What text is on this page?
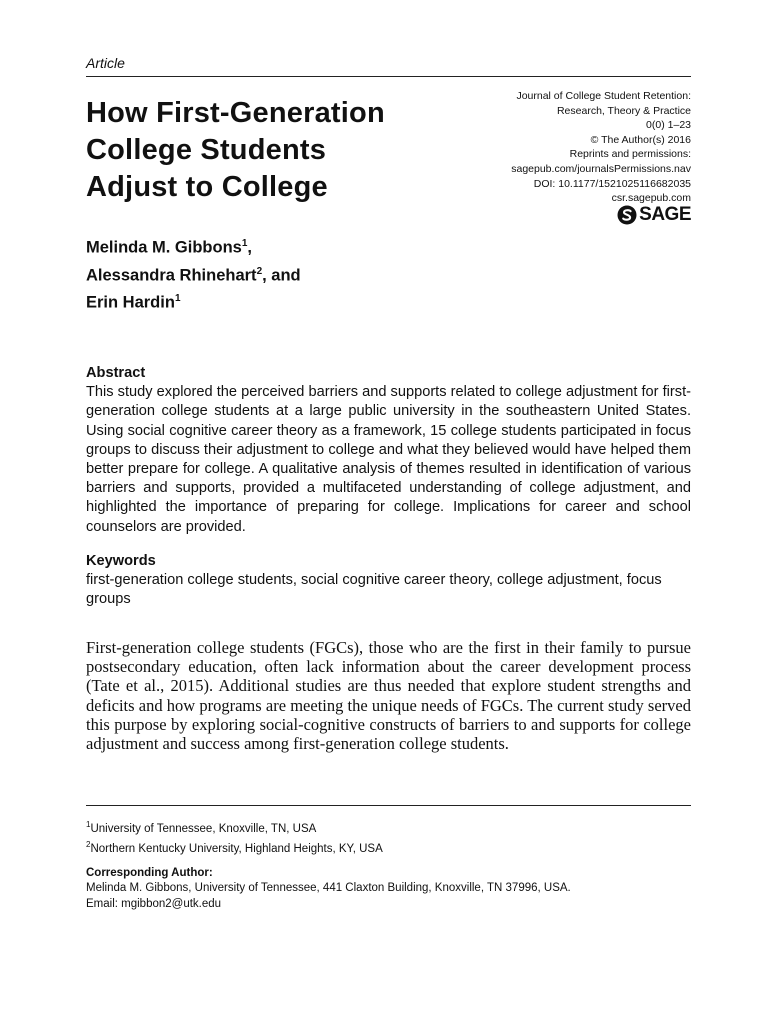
Article
How First-Generation
College Students
Adjust to College
Journal of College Student Retention:
Research, Theory & Practice
0(0) 1–23
© The Author(s) 2016
Reprints and permissions:
sagepub.com/journalsPermissions.nav
DOI: 10.1177/1521025116682035
csr.sagepub.com
SAGE
Melinda M. Gibbons$^1$,
Alessandra Rhinehart$^2$, and
Erin Hardin$^1$

Abstract

This study explored the perceived barriers and supports related to college adjustment for first-generation college students at a large public university in the southeastern United States. Using social cognitive career theory as a framework, 15 college students participated in focus groups to discuss their adjustment to college and what they believed would have helped them better prepare for college. A qualitative analysis of themes resulted in identification of various barriers and supports, provided a multifaceted understanding of college adjustment, and highlighted the importance of preparing for college. Implications for career and school counselors are provided.

Keywords

first-generation college students, social cognitive career theory, college adjustment, focus groups

First-generation college students (FGCs), those who are the first in their family to pursue postsecondary education, often lack information about the career development process (Tate et al., 2015). Additional studies are thus needed that explore student strengths and deficits and how programs are meeting the unique needs of FGCs. The current study served this purpose by exploring social-cognitive constructs of barriers to and supports for college adjustment and success among first-generation college students.

$^1$University of Tennessee, Knoxville, TN, USA
$^2$Northern Kentucky University, Highland Heights, KY, USA
Corresponding Author:
Melinda M. Gibbons, University of Tennessee, 441 Claxton Building, Knoxville, TN 37996, USA.
Email: mgibbon2@utk.edu
